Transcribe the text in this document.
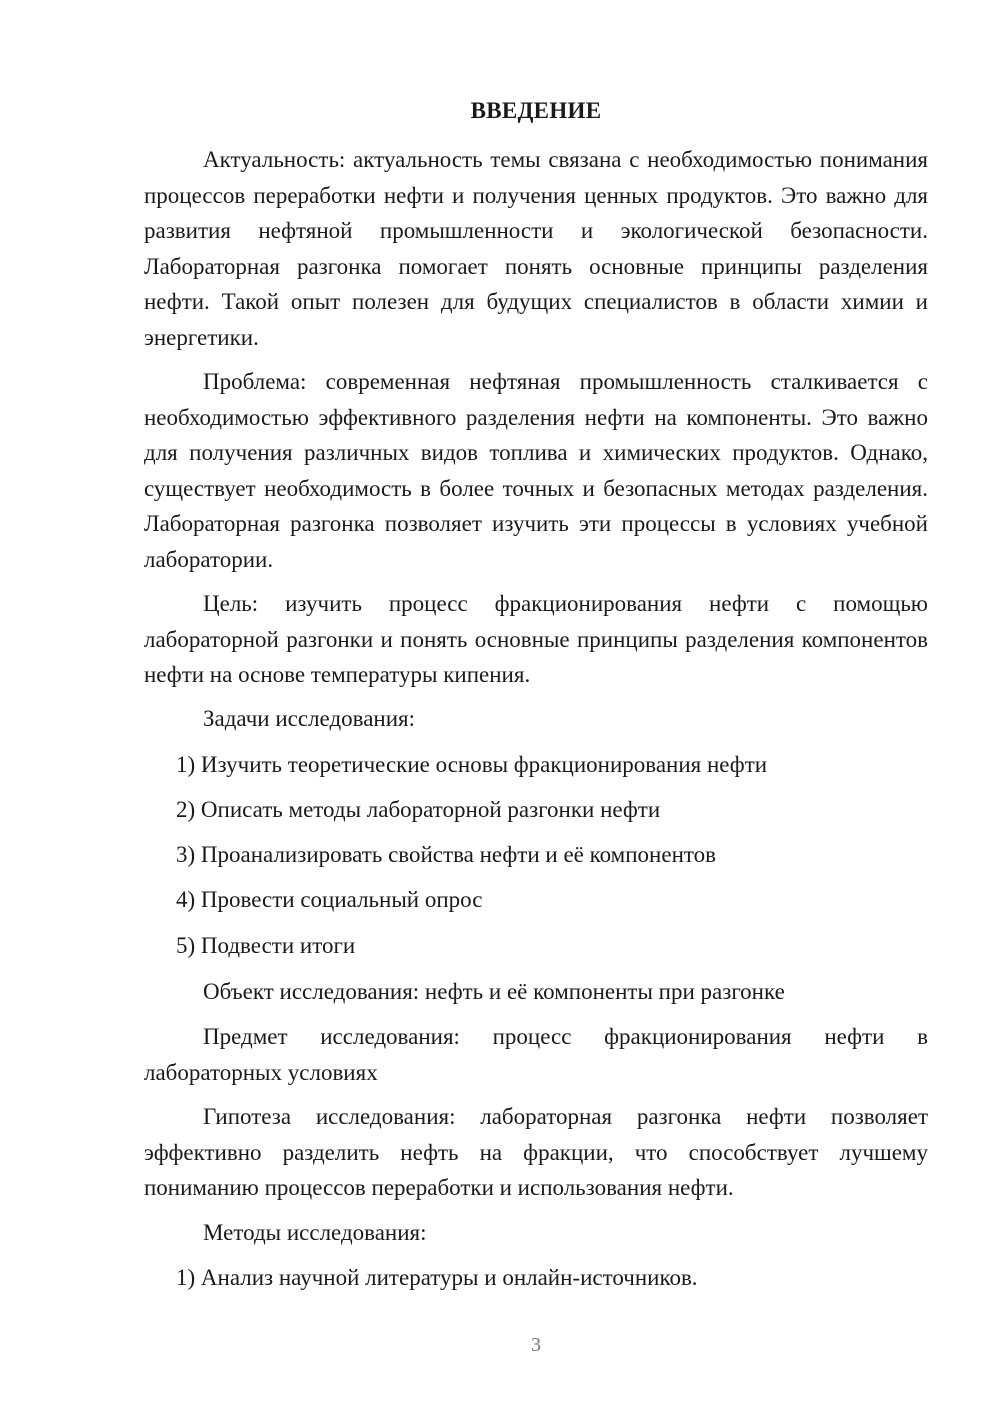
ВВЕДЕНИЕ

Актуальность: актуальность темы связана с необходимостью понимания процессов переработки нефти и получения ценных продуктов. Это важно для развития нефтяной промышленности и экологической безопасности. Лабораторная разгонка помогает понять основные принципы разделения нефти. Такой опыт полезен для будущих специалистов в области химии и энергетики.

Проблема: современная нефтяная промышленность сталкивается с необходимостью эффективного разделения нефти на компоненты. Это важно для получения различных видов топлива и химических продуктов. Однако, существует необходимость в более точных и безопасных методах разделения. Лабораторная разгонка позволяет изучить эти процессы в условиях учебной лаборатории.

Цель: изучить процесс фракционирования нефти с помощью лабораторной разгонки и понять основные принципы разделения компонентов нефти на основе температуры кипения.

Задачи исследования:

1) Изучить теоретические основы фракционирования нефти

2) Описать методы лабораторной разгонки нефти

3) Проанализировать свойства нефти и её компонентов

4) Провести социальный опрос

5) Подвести итоги

Объект исследования: нефть и её компоненты при разгонке

Предмет исследования: процесс фракционирования нефти в лабораторных условиях

Гипотеза исследования: лабораторная разгонка нефти позволяет эффективно разделить нефть на фракции, что способствует лучшему пониманию процессов переработки и использования нефти.

Методы исследования:

1) Анализ научной литературы и онлайн-источников.

3
